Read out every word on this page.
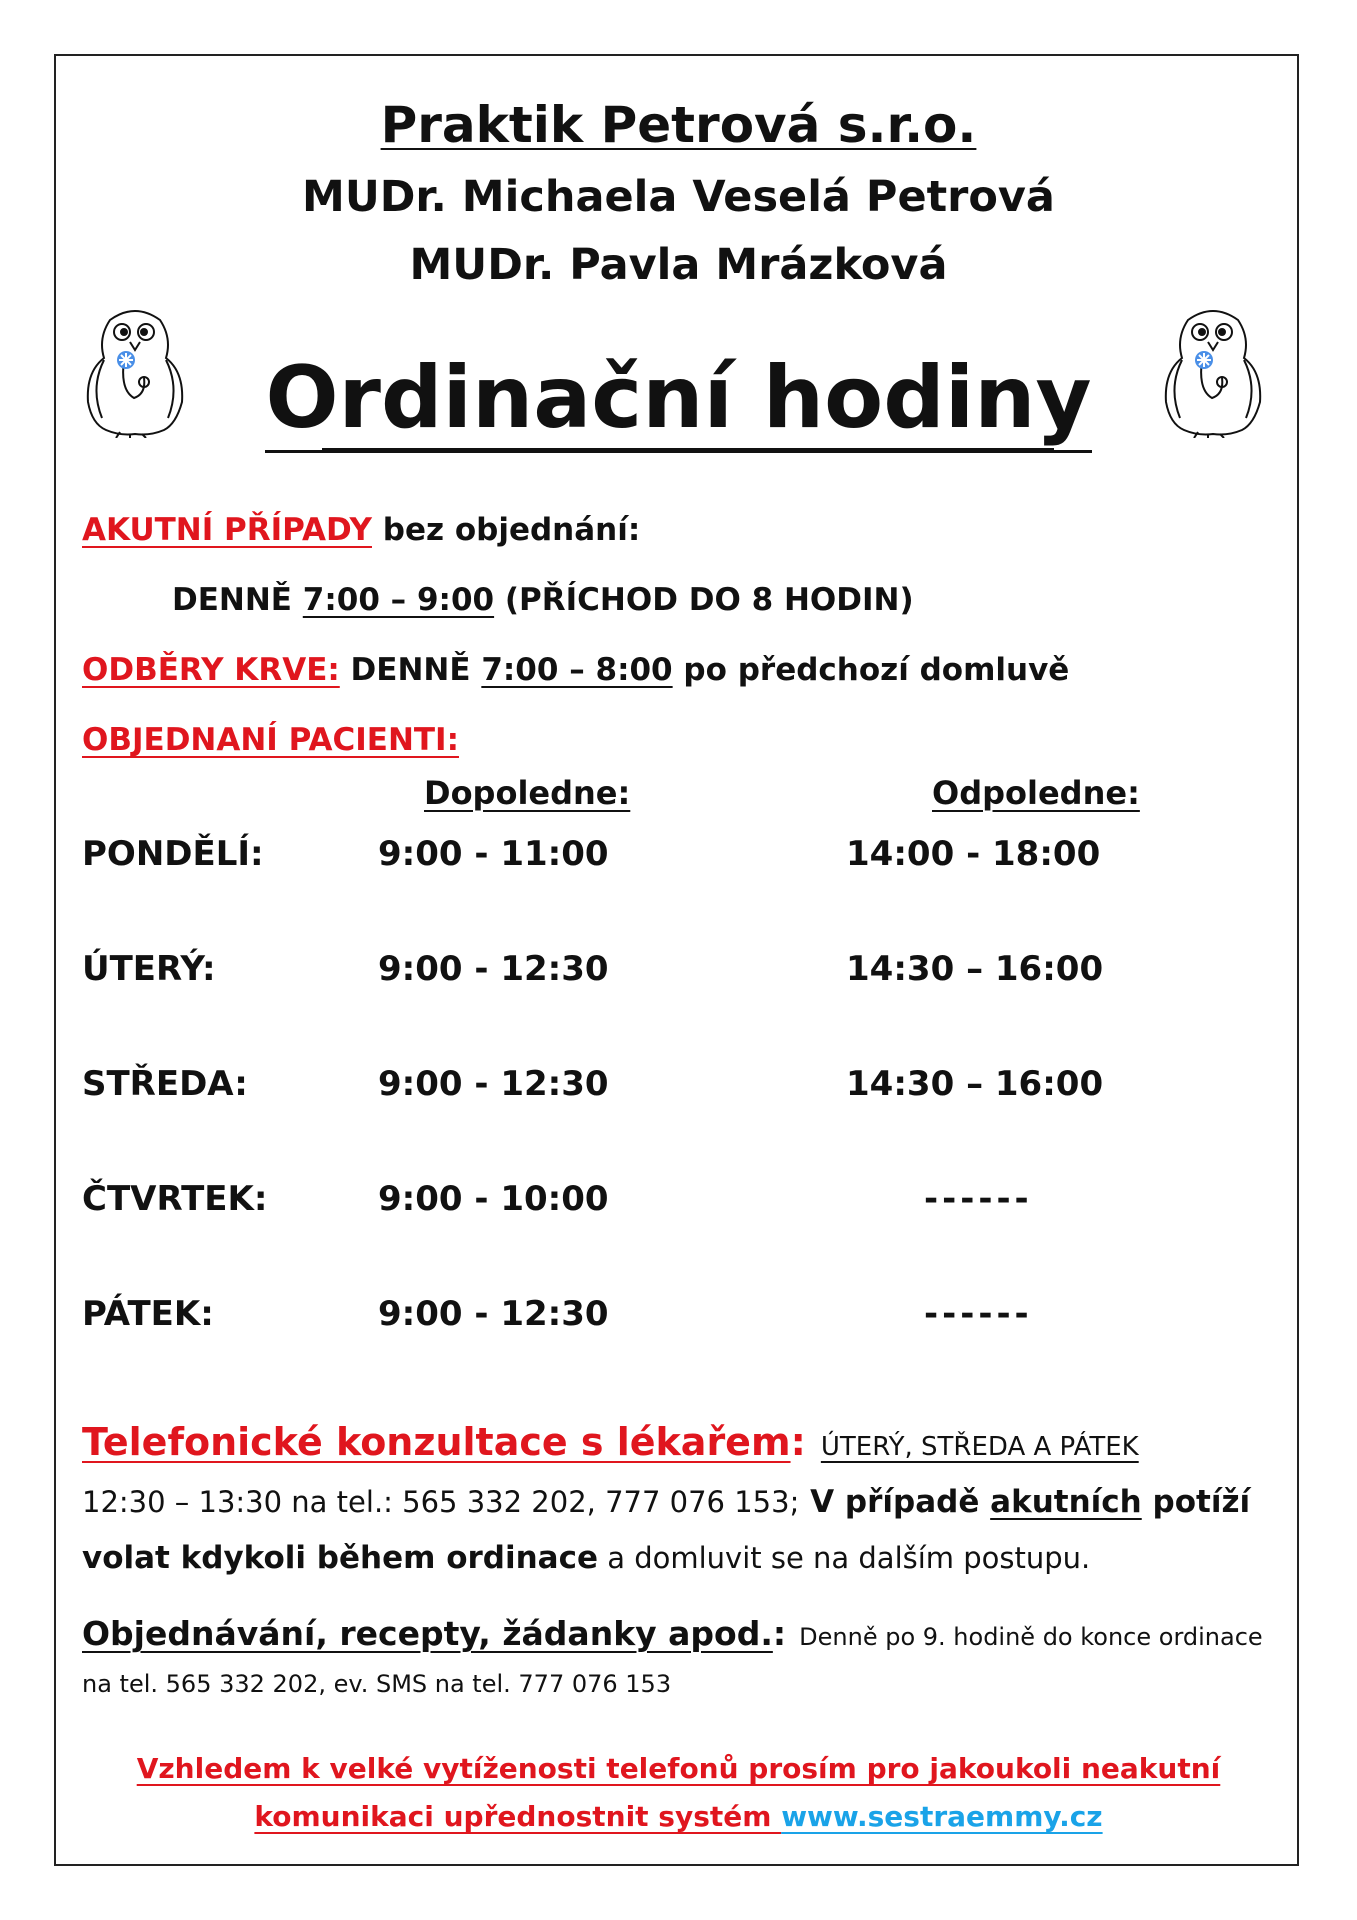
Praktik Petrová s.r.o.
MUDr. Michaela Veselá Petrová
MUDr. Pavla Mrázková
Ordinační hodiny
AKUTNÍ PŘÍPADY bez objednání:
DENNĚ 7:00 – 9:00 (PŘÍCHOD DO 8 HODIN)
ODBĚRY KRVE: DENNĚ 7:00 – 8:00 po předchozí domluvě
OBJEDNANÍ PACIENTI:
Dopoledne:	Odpoledne:
PONDĚLÍ:	9:00 - 11:00	14:00 - 18:00
ÚTERÝ:	9:00 - 12:30	14:30 – 16:00
STŘEDA:	9:00 - 12:30	14:30 – 16:00
ČTVRTEK:	9:00 - 10:00	------
PÁTEK:	9:00 - 12:30	------
Telefonické konzultace s lékařem: ÚTERÝ, STŘEDA A PÁTEK
12:30 – 13:30 na tel.: 565 332 202, 777 076 153; V případě akutních potíží
volat kdykoli během ordinace a domluvit se na dalším postupu.
Objednávání, recepty, žádanky apod.: Denně po 9. hodině do konce ordinace
na tel. 565 332 202, ev. SMS na tel. 777 076 153
Vzhledem k velké vytíženosti telefonů prosím pro jakoukoli neakutní
komunikaci upřednostnit systém www.sestraemmy.cz
